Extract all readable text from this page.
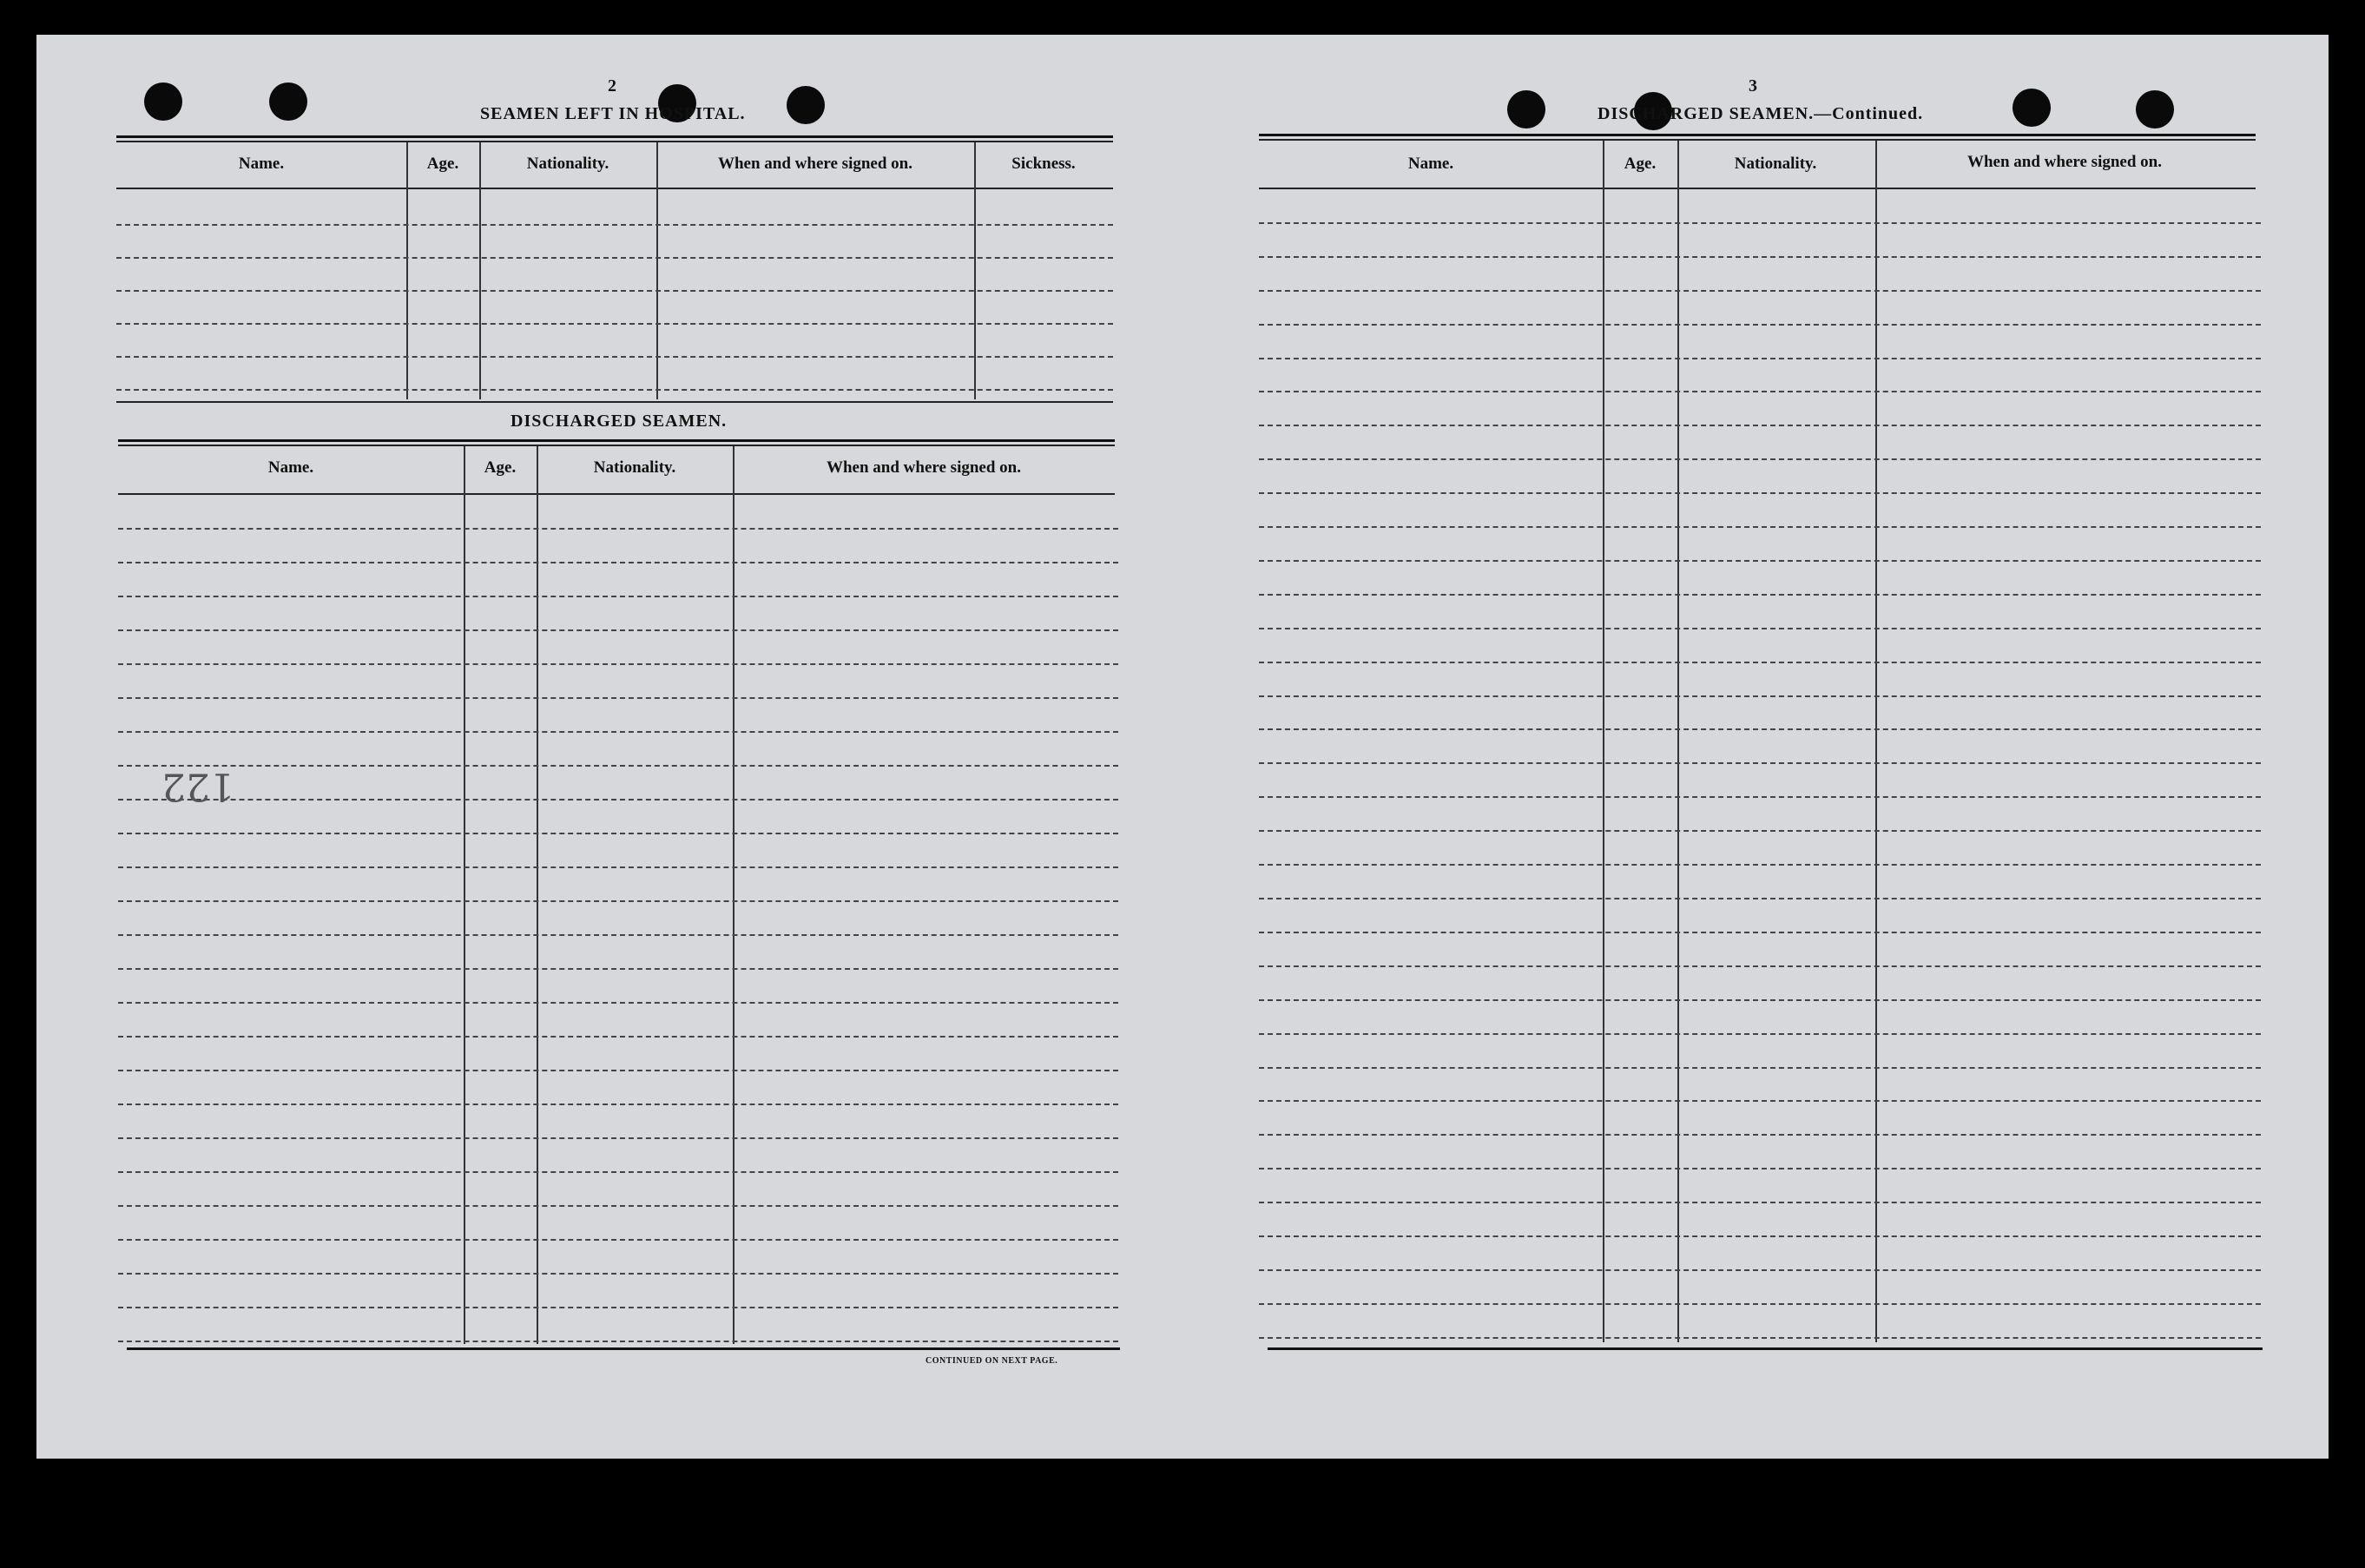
2
SEAMEN LEFT IN HOSPITAL.
Name.	Age.	Nationality.	When and where signed on.	Sickness.
DISCHARGED SEAMEN.
Name.	Age.	Nationality.	When and where signed on.
122
CONTINUED ON NEXT PAGE.
3
DISCHARGED SEAMEN.—Continued.
Name.	Age.	Nationality.	When and where signed on.
